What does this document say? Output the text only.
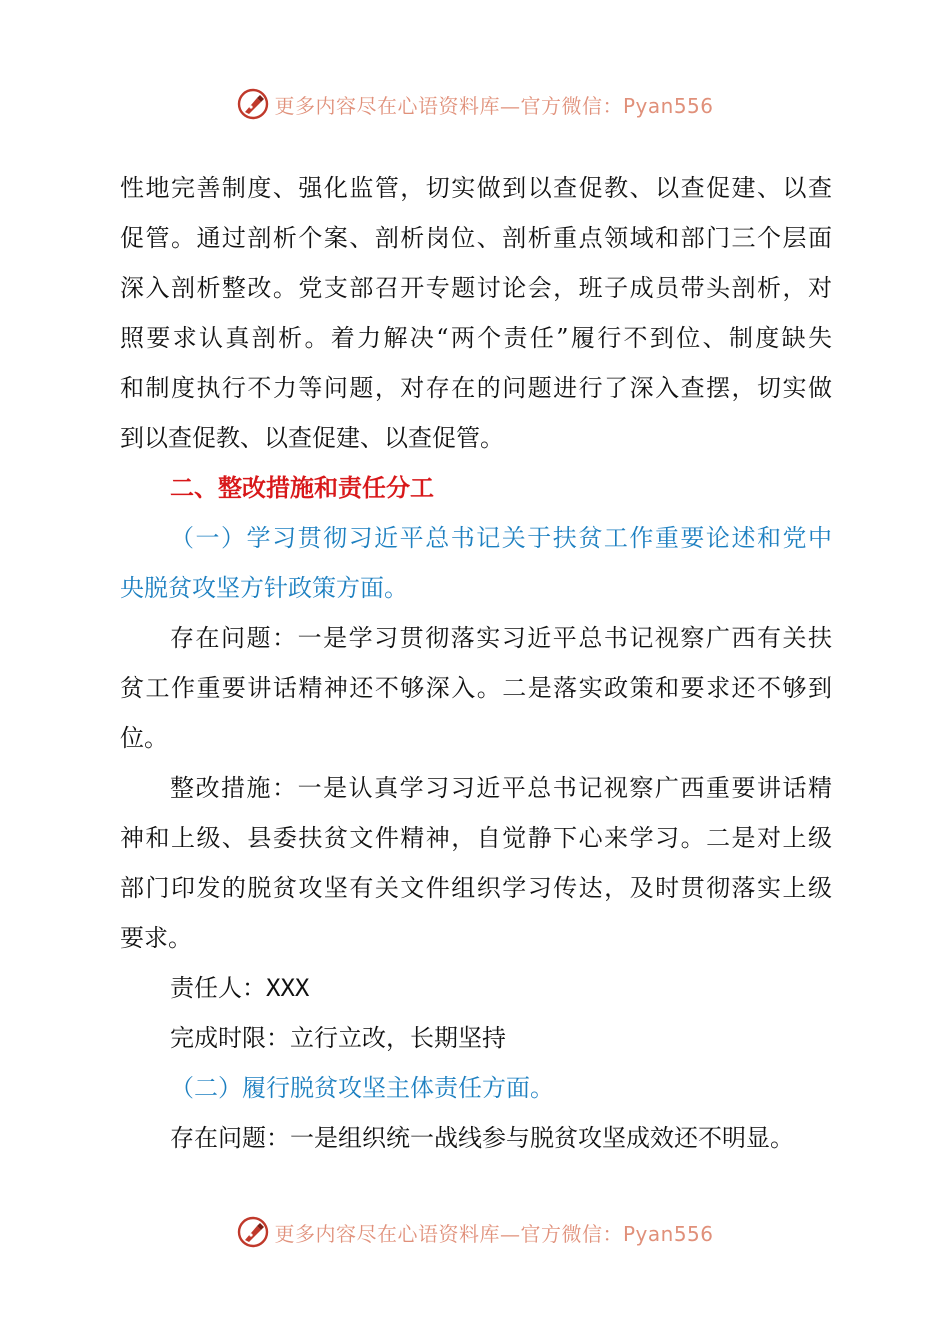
更多内容尽在心语资料库—官方微信：Pyan556
性地完善制度、强化监管，切实做到以查促教、以查促建、以查
促管。通过剖析个案、剖析岗位、剖析重点领域和部门三个层面
深入剖析整改。党支部召开专题讨论会，班子成员带头剖析，对
照要求认真剖析。着力解决“两个责任”履行不到位、制度缺失
和制度执行不力等问题，对存在的问题进行了深入查摆，切实做
到以查促教、以查促建、以查促管。
二、整改措施和责任分工
（一）学习贯彻习近平总书记关于扶贫工作重要论述和党中
央脱贫攻坚方针政策方面。
存在问题：一是学习贯彻落实习近平总书记视察广西有关扶
贫工作重要讲话精神还不够深入。二是落实政策和要求还不够到
位。
整改措施：一是认真学习习近平总书记视察广西重要讲话精
神和上级、县委扶贫文件精神，自觉静下心来学习。二是对上级
部门印发的脱贫攻坚有关文件组织学习传达，及时贯彻落实上级
要求。
责任人：XXX
完成时限：立行立改，长期坚持
（二）履行脱贫攻坚主体责任方面。
存在问题：一是组织统一战线参与脱贫攻坚成效还不明显。
更多内容尽在心语资料库—官方微信：Pyan556
